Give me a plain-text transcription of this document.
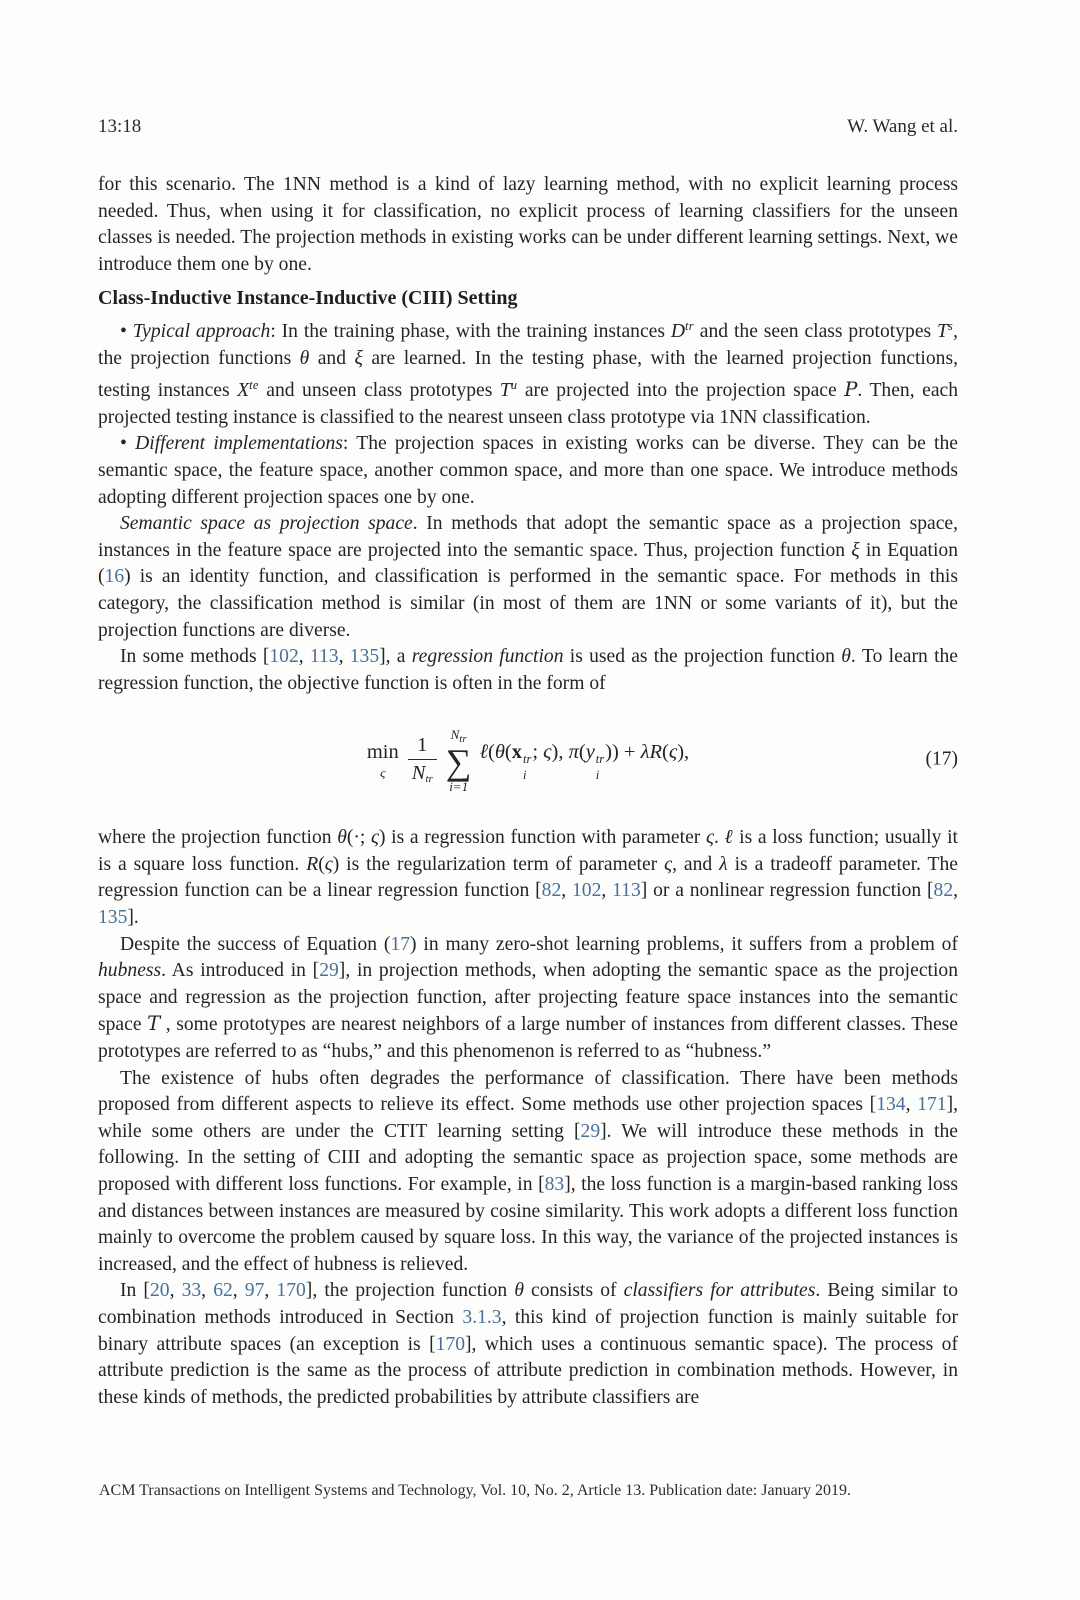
13:18	W. Wang et al.

for this scenario. The 1NN method is a kind of lazy learning method, with no explicit learning process needed. Thus, when using it for classification, no explicit process of learning classifiers for the unseen classes is needed. The projection methods in existing works can be under different learning settings. Next, we introduce them one by one.

Class-Inductive Instance-Inductive (CIII) Setting

• Typical approach: In the training phase, with the training instances $D^{tr}$ and the seen class prototypes $T^s$, the projection functions θ and ξ are learned. In the testing phase, with the learned projection functions, testing instances $X^{te}$ and unseen class prototypes $T^u$ are projected into the projection space P. Then, each projected testing instance is classified to the nearest unseen class prototype via 1NN classification.

• Different implementations: The projection spaces in existing works can be diverse. They can be the semantic space, the feature space, another common space, and more than one space. We introduce methods adopting different projection spaces one by one.

Semantic space as projection space. In methods that adopt the semantic space as a projection space, instances in the feature space are projected into the semantic space. Thus, projection function ξ in Equation (16) is an identity function, and classification is performed in the semantic space. For methods in this category, the classification method is similar (in most of them are 1NN or some variants of it), but the projection functions are diverse.

In some methods [102, 113, 135], a regression function is used as the projection function θ. To learn the regression function, the objective function is often in the form of

min
ς $\frac{1}{\text{Ntr}}$
$N_{tr}$
∑
i=1
ℓ(θ(x tr
i
; ς), π(y tr
i
)) + λR(ς),	(17)

where the projection function θ(·; ς) is a regression function with parameter ς. ℓ is a loss function; usually it is a square loss function. R(ς) is the regularization term of parameter ς, and λ is a tradeoff parameter. The regression function can be a linear regression function [82, 102, 113] or a nonlinear regression function [82, 135].

Despite the success of Equation (17) in many zero-shot learning problems, it suffers from a problem of hubness. As introduced in [29], in projection methods, when adopting the semantic space as the projection space and regression as the projection function, after projecting feature space instances into the semantic space T , some prototypes are nearest neighbors of a large number of instances from different classes. These prototypes are referred to as “hubs,” and this phenomenon is referred to as “hubness.”

The existence of hubs often degrades the performance of classification. There have been methods proposed from different aspects to relieve its effect. Some methods use other projection spaces [134, 171], while some others are under the CTIT learning setting [29]. We will introduce these methods in the following. In the setting of CIII and adopting the semantic space as projection space, some methods are proposed with different loss functions. For example, in [83], the loss function is a margin-based ranking loss and distances between instances are measured by cosine similarity. This work adopts a different loss function mainly to overcome the problem caused by square loss. In this way, the variance of the projected instances is increased, and the effect of hubness is relieved.

In [20, 33, 62, 97, 170], the projection function θ consists of classifiers for attributes. Being similar to combination methods introduced in Section 3.1.3, this kind of projection function is mainly suitable for binary attribute spaces (an exception is [170], which uses a continuous semantic space). The process of attribute prediction is the same as the process of attribute prediction in combination methods. However, in these kinds of methods, the predicted probabilities by attribute classifiers are

ACM Transactions on Intelligent Systems and Technology, Vol. 10, No. 2, Article 13. Publication date: January 2019.
